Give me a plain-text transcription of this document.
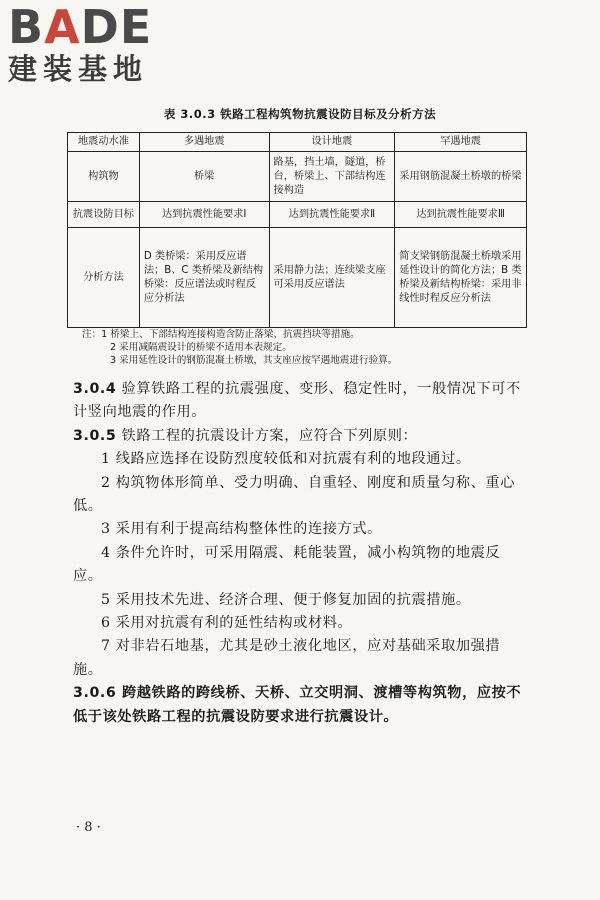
BADE
建装基地
表 3.0.3 铁路工程构筑物抗震设防目标及分析方法
地震动水准	多遇地震	设计地震	罕遇地震
构筑物	桥梁	路基，挡土墙，隧道，桥台，桥梁上、下部结构连接构造	采用钢筋混凝土桥墩的桥梁
抗震设防目标	达到抗震性能要求Ⅰ	达到抗震性能要求Ⅱ	达到抗震性能要求Ⅲ
分析方法	D 类桥梁：采用反应谱法；B、C 类桥梁及新结构桥梁：反应谱法或时程反应分析法	采用静力法；连续梁支座可采用反应谱法	简支梁钢筋混凝土桥墩采用延性设计的简化方法；B 类桥梁及新结构桥梁：采用非线性时程反应分析法
注：1 桥梁上、下部结构连接构造含防止落梁、抗震挡块等措施。
2 采用减隔震设计的桥梁不适用本表规定。
3 采用延性设计的钢筋混凝土桥墩，其支座应按罕遇地震进行验算。

3.0.4 验算铁路工程的抗震强度、变形、稳定性时，一般情况下可不计竖向地震的作用。

3.0.5 铁路工程的抗震设计方案，应符合下列原则：

1 线路应选择在设防烈度较低和对抗震有利的地段通过。

2 构筑物体形简单、受力明确、自重轻、刚度和质量匀称、重心低。

3 采用有利于提高结构整体性的连接方式。

4 条件允许时，可采用隔震、耗能装置，减小构筑物的地震反应。

5 采用技术先进、经济合理、便于修复加固的抗震措施。

6 采用对抗震有利的延性结构或材料。

7 对非岩石地基，尤其是砂土液化地区，应对基础采取加强措施。

3.0.6 跨越铁路的跨线桥、天桥、立交明洞、渡槽等构筑物，应按不低于该处铁路工程的抗震设防要求进行抗震设计。

· 8 ·
